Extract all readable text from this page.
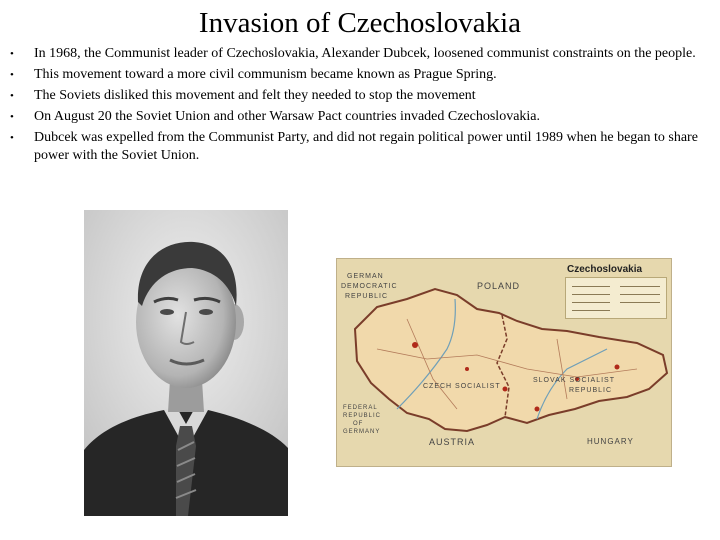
Invasion of Czechoslovakia
• In 1968, the Communist leader of Czechoslovakia, Alexander Dubcek, loosened communist constraints on the people.
• This movement toward a more civil communism became known as Prague Spring.
• The Soviets disliked this movement and felt they needed to stop the movement
• On August 20 the Soviet Union and other Warsaw Pact countries invaded Czechoslovakia.
• Dubcek was expelled from the Communist Party, and did not regain political power until 1989 when he began to share power with the Soviet Union.
Czechoslovakia
GERMAN
DEMOCRATIC
REPUBLIC
POLAND
CZECH SOCIALIST
SLOVAK SOCIALIST
REPUBLIC
AUSTRIA	HUNGARY
FEDERAL
REPUBLIC
OF
GERMANY
